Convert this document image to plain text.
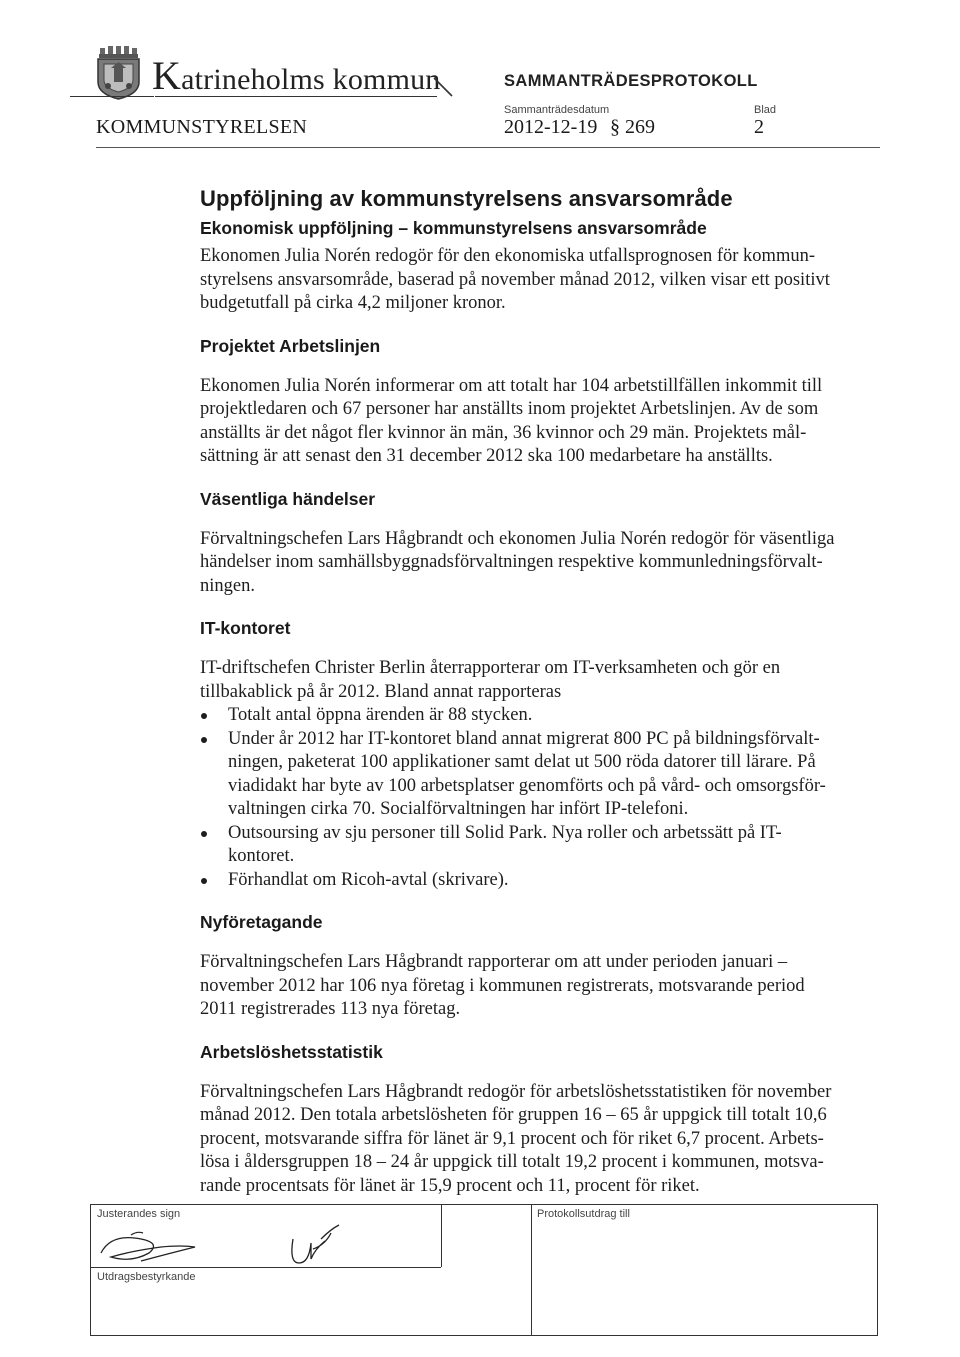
Katrineholms kommun	SAMMANTRÄDESPROTOKOLL
Sammanträdesdatum	Blad
KOMMUNSTYRELSEN	2012-12-19 § 269	2
Uppföljning av kommunstyrelsens ansvarsområde
Ekonomisk uppföljning – kommunstyrelsens ansvarsområde

Ekonomen Julia Norén redogör för den ekonomiska utfallsprognosen för kommun-
styrelsens ansvarsområde, baserad på november månad 2012, vilken visar ett positivt
budgetutfall på cirka 4,2 miljoner kronor.

Projektet Arbetslinjen

Ekonomen Julia Norén informerar om att totalt har 104 arbetstillfällen inkommit till
projektledaren och 67 personer har anställts inom projektet Arbetslinjen. Av de som
anställts är det något fler kvinnor än män, 36 kvinnor och 29 män. Projektets mål-
sättning är att senast den 31 december 2012 ska 100 medarbetare ha anställts.

Väsentliga händelser

Förvaltningschefen Lars Hågbrandt och ekonomen Julia Norén redogör för väsentliga
händelser inom samhällsbyggnadsförvaltningen respektive kommunledningsförvalt-
ningen.

IT-kontoret

IT-driftschefen Christer Berlin återrapporterar om IT-verksamheten och gör en
tillbakablick på år 2012. Bland annat rapporteras

Totalt antal öppna ärenden är 88 stycken.
Under år 2012 har IT-kontoret bland annat migrerat 800 PC på bildningsförvalt-
ningen, paketerat 100 applikationer samt delat ut 500 röda datorer till lärare. På
viadidakt har byte av 100 arbetsplatser genomförts och på vård- och omsorgsför-
valtningen cirka 70. Socialförvaltningen har infört IP-telefoni.
Outsoursing av sju personer till Solid Park. Nya roller och arbetssätt på IT-
kontoret.
Förhandlat om Ricoh-avtal (skrivare).
Nyföretagande

Förvaltningschefen Lars Hågbrandt rapporterar om att under perioden januari –
november 2012 har 106 nya företag i kommunen registrerats, motsvarande period
2011 registrerades 113 nya företag.

Arbetslöshetsstatistik

Förvaltningschefen Lars Hågbrandt redogör för arbetslöshetsstatistiken för november
månad 2012. Den totala arbetslösheten för gruppen 16 – 65 år uppgick till totalt 10,6
procent, motsvarande siffra för länet är 9,1 procent och för riket 6,7 procent. Arbets-
lösa i åldersgruppen 18 – 24 år uppgick till totalt 19,2 procent i kommunen, motsva-
rande procentsats för länet är 15,9 procent och 11, procent för riket.

Justerandes sign
Utdragsbestyrkande
Protokollsutdrag till
